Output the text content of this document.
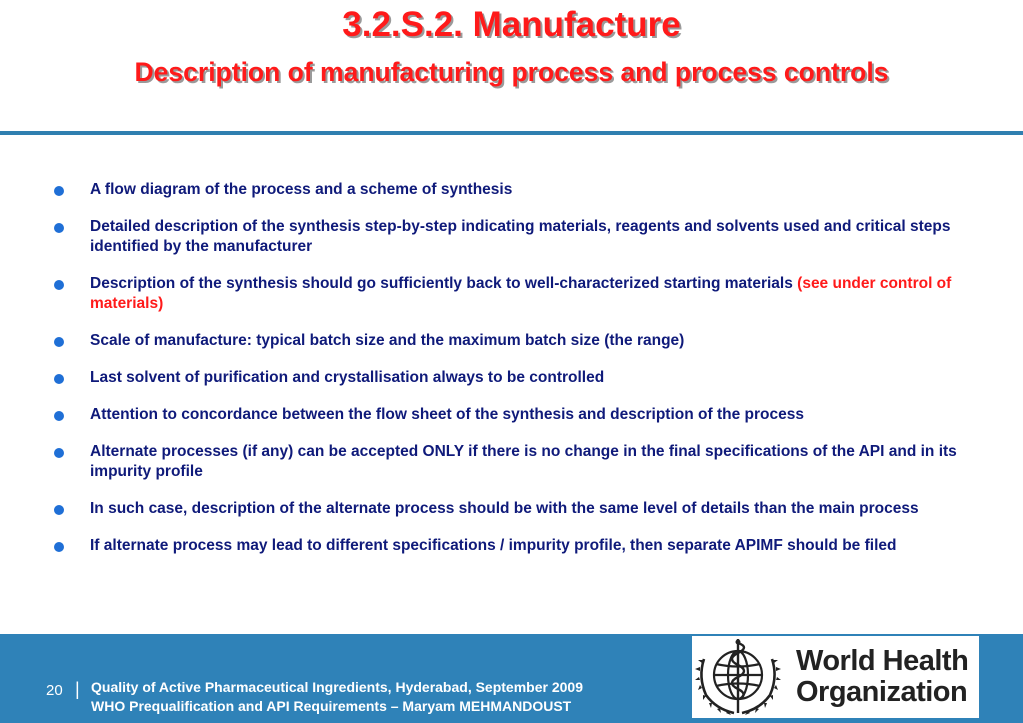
3.2.S.2. Manufacture
Description of manufacturing process and process controls
A flow diagram of the process and a scheme of synthesis
Detailed description of the synthesis step-by-step indicating materials, reagents and solvents used and critical steps identified by the manufacturer
Description of the synthesis should go sufficiently back to well-characterized starting materials (see under control of materials)
Scale of manufacture: typical batch size and the maximum batch size (the range)
Last solvent of purification and crystallisation always to be controlled
Attention to concordance between the flow sheet of the synthesis and description of the process
Alternate processes (if any) can be accepted ONLY if there is no change in the final specifications of the API and in its impurity profile
In such case, description of the alternate process should be with the same level of details than the main process
If alternate process may lead to different specifications / impurity profile, then separate APIMF should be filed
20 | Quality of Active Pharmaceutical Ingredients, Hyderabad, September 2009
WHO Prequalification and API Requirements – Maryam MEHMANDOUST
World Health
Organization
